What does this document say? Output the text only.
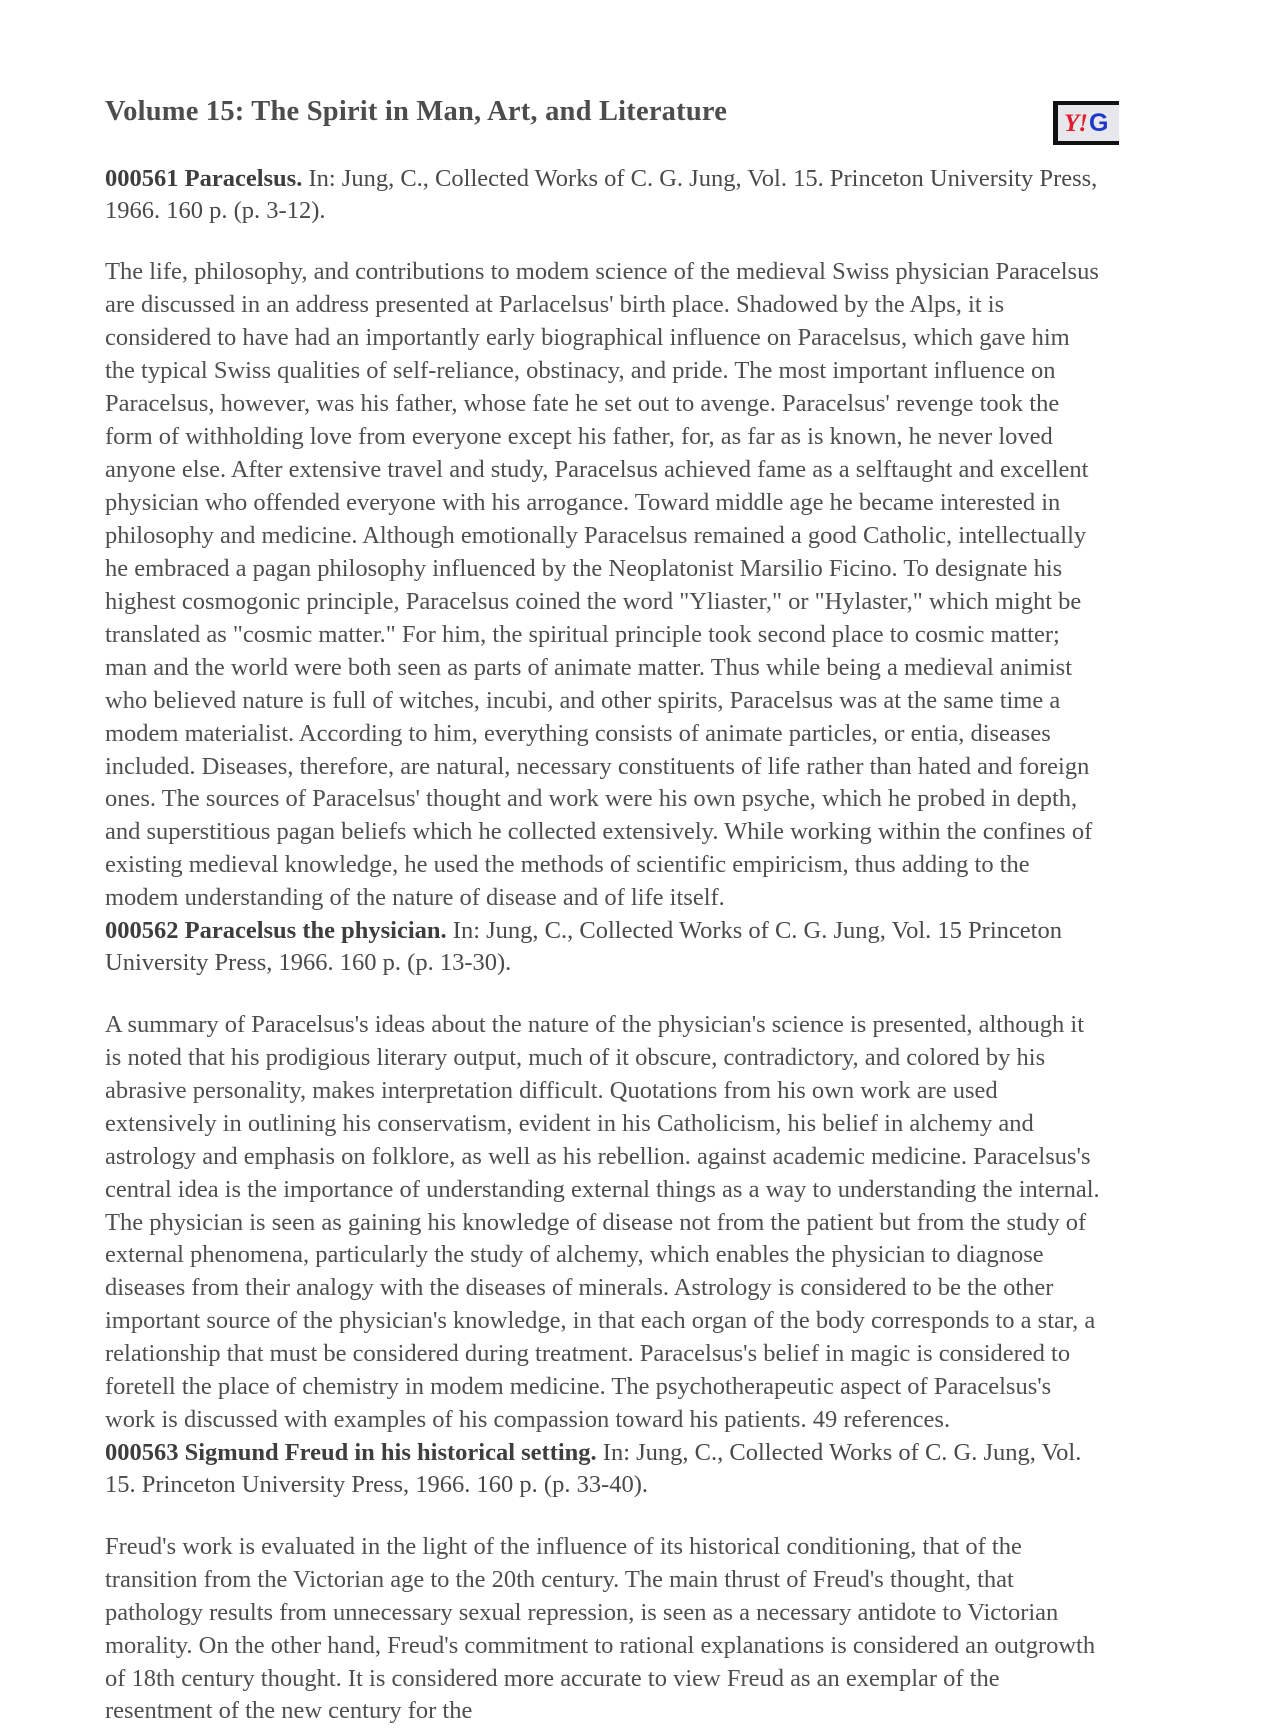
Y! G
Volume 15: The Spirit in Man, Art, and Literature

000561 Paracelsus. In: Jung, C., Collected Works of C. G. Jung, Vol. 15. Princeton University Press, 1966. 160 p. (p. 3-12).

The life, philosophy, and contributions to modem science of the medieval Swiss physician Paracelsus are discussed in an address presented at Parlacelsus' birth place. Shadowed by the Alps, it is considered to have had an importantly early biographical influence on Paracelsus, which gave him the typical Swiss qualities of self-reliance, obstinacy, and pride. The most important influence on Paracelsus, however, was his father, whose fate he set out to avenge. Paracelsus' revenge took the form of withholding love from everyone except his father, for, as far as is known, he never loved anyone else. After extensive travel and study, Paracelsus achieved fame as a selftaught and excellent physician who offended everyone with his arrogance. Toward middle age he became interested in philosophy and medicine. Although emotionally Paracelsus remained a good Catholic, intellectually he embraced a pagan philosophy influenced by the Neoplatonist Marsilio Ficino. To designate his highest cosmogonic principle, Paracelsus coined the word "Yliaster," or "Hylaster," which might be translated as "cosmic matter." For him, the spiritual principle took second place to cosmic matter; man and the world were both seen as parts of animate matter. Thus while being a medieval animist who believed nature is full of witches, incubi, and other spirits, Paracelsus was at the same time a modem materialist. According to him, everything consists of animate particles, or entia, diseases included. Diseases, therefore, are natural, necessary constituents of life rather than hated and foreign ones. The sources of Paracelsus' thought and work were his own psyche, which he probed in depth, and superstitious pagan beliefs which he collected extensively. While working within the confines of existing medieval knowledge, he used the methods of scientific empiricism, thus adding to the modem understanding of the nature of disease and of life itself.

000562 Paracelsus the physician. In: Jung, C., Collected Works of C. G. Jung, Vol. 15 Princeton University Press, 1966. 160 p. (p. 13-30).

A summary of Paracelsus's ideas about the nature of the physician's science is presented, although it is noted that his prodigious literary output, much of it obscure, contradictory, and colored by his abrasive personality, makes interpretation difficult. Quotations from his own work are used extensively in outlining his conservatism, evident in his Catholicism, his belief in alchemy and astrology and emphasis on folklore, as well as his rebellion. against academic medicine. Paracelsus's central idea is the importance of understanding external things as a way to understanding the internal. The physician is seen as gaining his knowledge of disease not from the patient but from the study of external phenomena, particularly the study of alchemy, which enables the physician to diagnose diseases from their analogy with the diseases of minerals. Astrology is considered to be the other important source of the physician's knowledge, in that each organ of the body corresponds to a star, a relationship that must be considered during treatment. Paracelsus's belief in magic is considered to foretell the place of chemistry in modem medicine. The psychotherapeutic aspect of Paracelsus's work is discussed with examples of his compassion toward his patients. 49 references.

000563 Sigmund Freud in his historical setting. In: Jung, C., Collected Works of C. G. Jung, Vol. 15. Princeton University Press, 1966. 160 p. (p. 33-40).

Freud's work is evaluated in the light of the influence of its historical conditioning, that of the transition from the Victorian age to the 20th century. The main thrust of Freud's thought, that pathology results from unnecessary sexual repression, is seen as a necessary antidote to Victorian morality. On the other hand, Freud's commitment to rational explanations is considered an outgrowth of 18th century thought. It is considered more accurate to view Freud as an exemplar of the resentment of the new century for the
